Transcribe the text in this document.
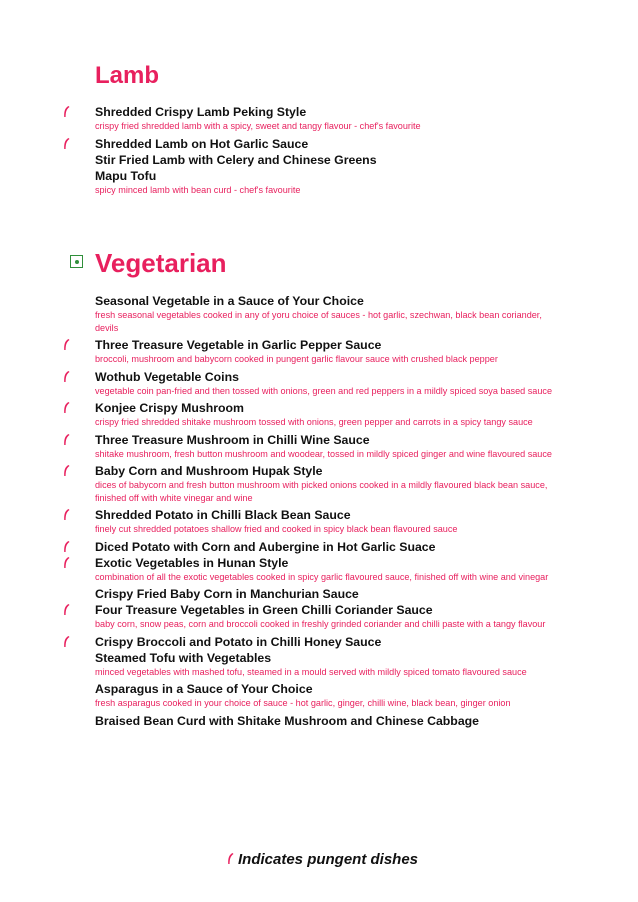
Lamb
Shredded Crispy Lamb Peking Style
crispy fried shredded lamb with a spicy, sweet and tangy flavour - chef's favourite
Shredded Lamb on Hot Garlic Sauce
Stir Fried Lamb with Celery and Chinese Greens
Mapu Tofu
spicy minced lamb with bean curd - chef's favourite
Vegetarian
Seasonal Vegetable in a Sauce of Your Choice
fresh seasonal vegetables cooked in any of yoru choice of sauces - hot garlic, szechwan, black bean coriander, devils
Three Treasure Vegetable in Garlic Pepper Sauce
broccoli, mushroom and babycorn cooked in pungent garlic flavour sauce with crushed black pepper
Wothub Vegetable Coins
vegetable coin pan-fried and then tossed with onions, green and red peppers in a mildly spiced soya based sauce
Konjee Crispy Mushroom
crispy fried shredded shitake mushroom tossed with onions, green pepper and carrots in a spicy tangy sauce
Three Treasure Mushroom in Chilli Wine Sauce
shitake mushroom, fresh button mushroom and woodear, tossed in mildly spiced ginger and wine flavoured sauce
Baby Corn and Mushroom Hupak Style
dices of babycorn and fresh button mushroom with picked onions cooked in a mildly flavoured black bean sauce, finished off with white vinegar and wine
Shredded Potato in Chilli Black Bean Sauce
finely cut shredded potatoes shallow fried and cooked in spicy black bean flavoured sauce
Diced Potato with Corn and Aubergine in Hot Garlic Suace
Exotic Vegetables in Hunan Style
combination of all the exotic vegetables cooked in spicy garlic flavoured sauce, finished off with wine and vinegar
Crispy Fried Baby Corn in Manchurian Sauce
Four Treasure Vegetables in Green Chilli Coriander Sauce
baby corn, snow peas, corn and broccoli cooked in freshly grinded coriander and chilli paste with a tangy flavour
Crispy Broccoli and Potato in Chilli Honey Sauce
Steamed Tofu with Vegetables
minced vegetables with mashed tofu, steamed in a mould served with mildly spiced tomato flavoured sauce
Asparagus in a Sauce of Your Choice
fresh asparagus cooked in your choice of sauce - hot garlic, ginger, chilli wine, black bean, ginger onion
Braised Bean Curd with Shitake Mushroom and Chinese Cabbage
Indicates pungent dishes
